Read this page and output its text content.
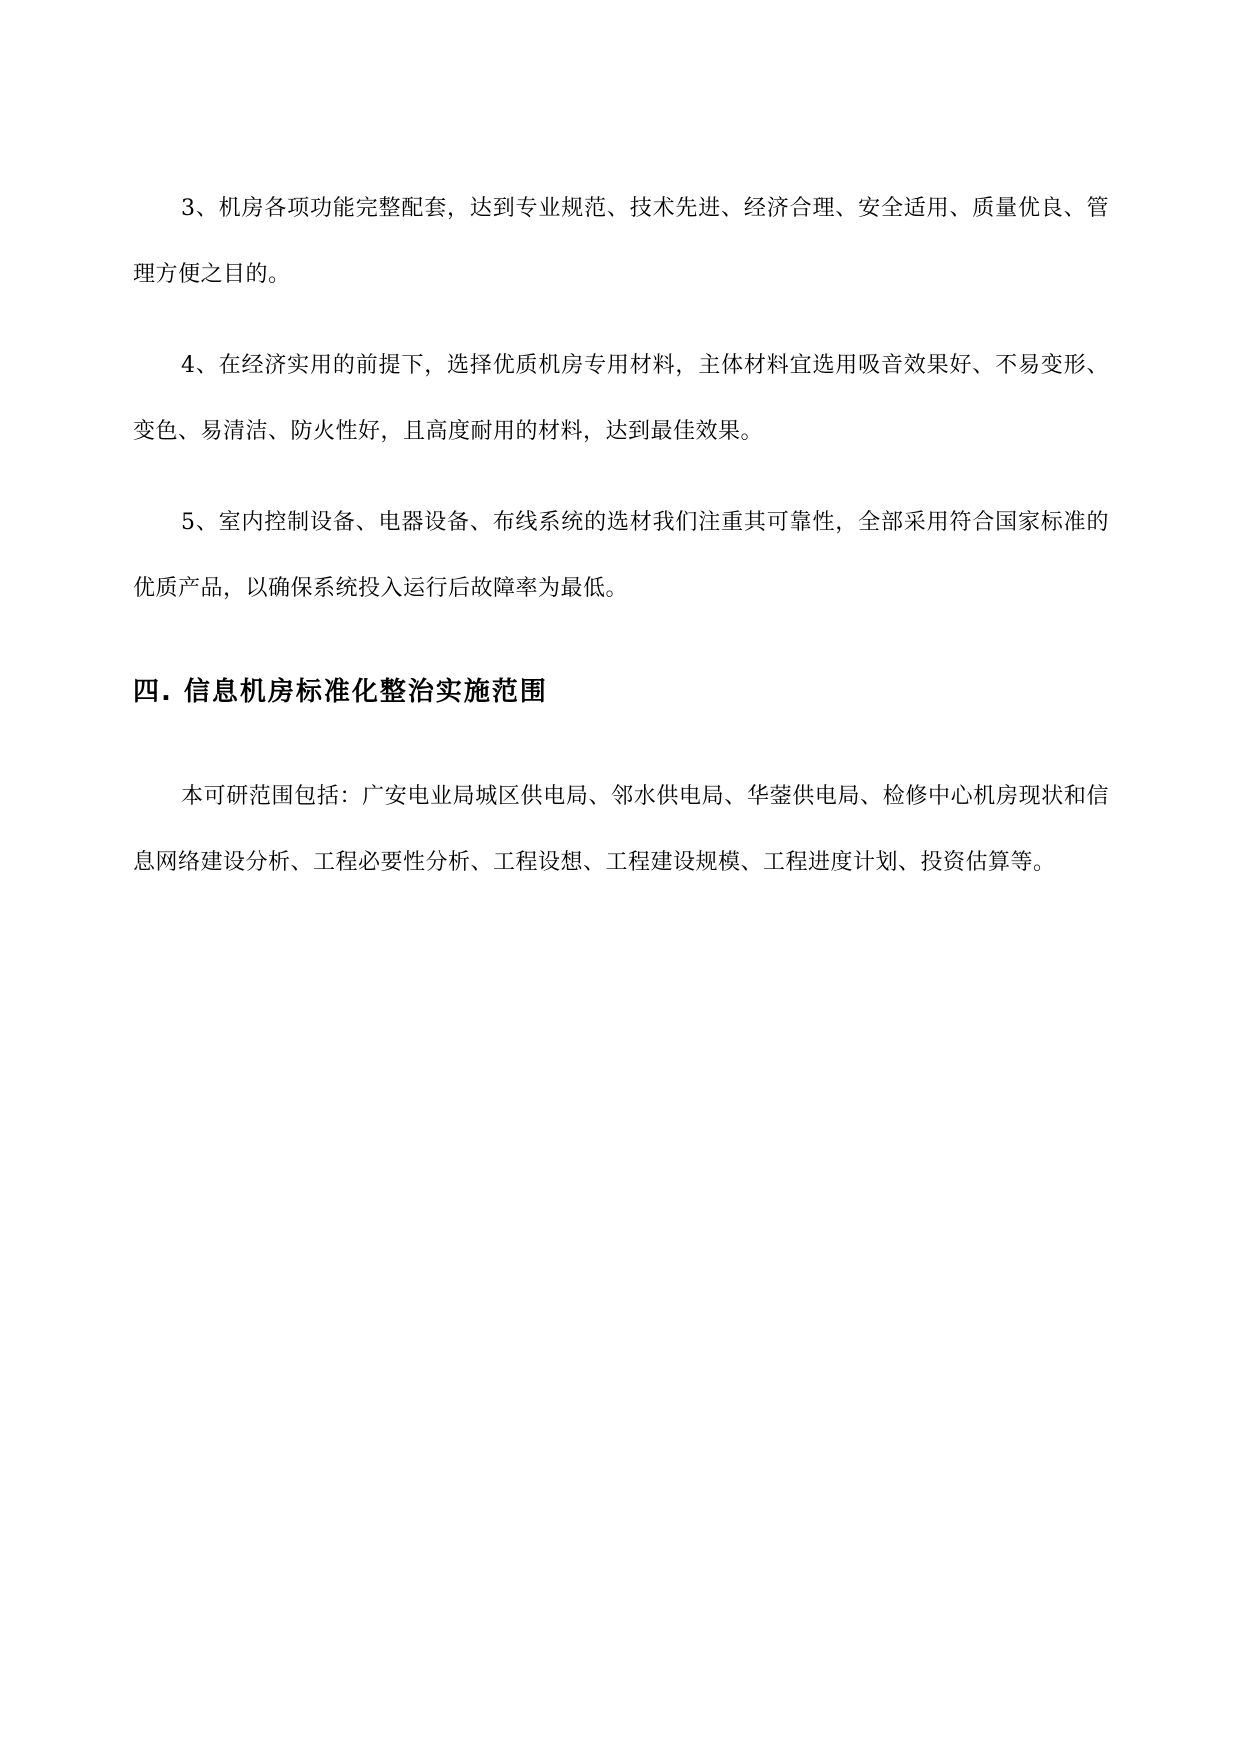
3、机房各项功能完整配套，达到专业规范、技术先进、经济合理、安全适用、质量优良、管理方便之目的。

4、在经济实用的前提下，选择优质机房专用材料，主体材料宜选用吸音效果好、不易变形、变色、易清洁、防火性好，且高度耐用的材料，达到最佳效果。

5、室内控制设备、电器设备、布线系统的选材我们注重其可靠性，全部采用符合国家标准的优质产品，以确保系统投入运行后故障率为最低。

四. 信息机房标准化整治实施范围

本可研范围包括：广安电业局城区供电局、邻水供电局、华蓥供电局、检修中心机房现状和信息网络建设分析、工程必要性分析、工程设想、工程建设规模、工程进度计划、投资估算等。
